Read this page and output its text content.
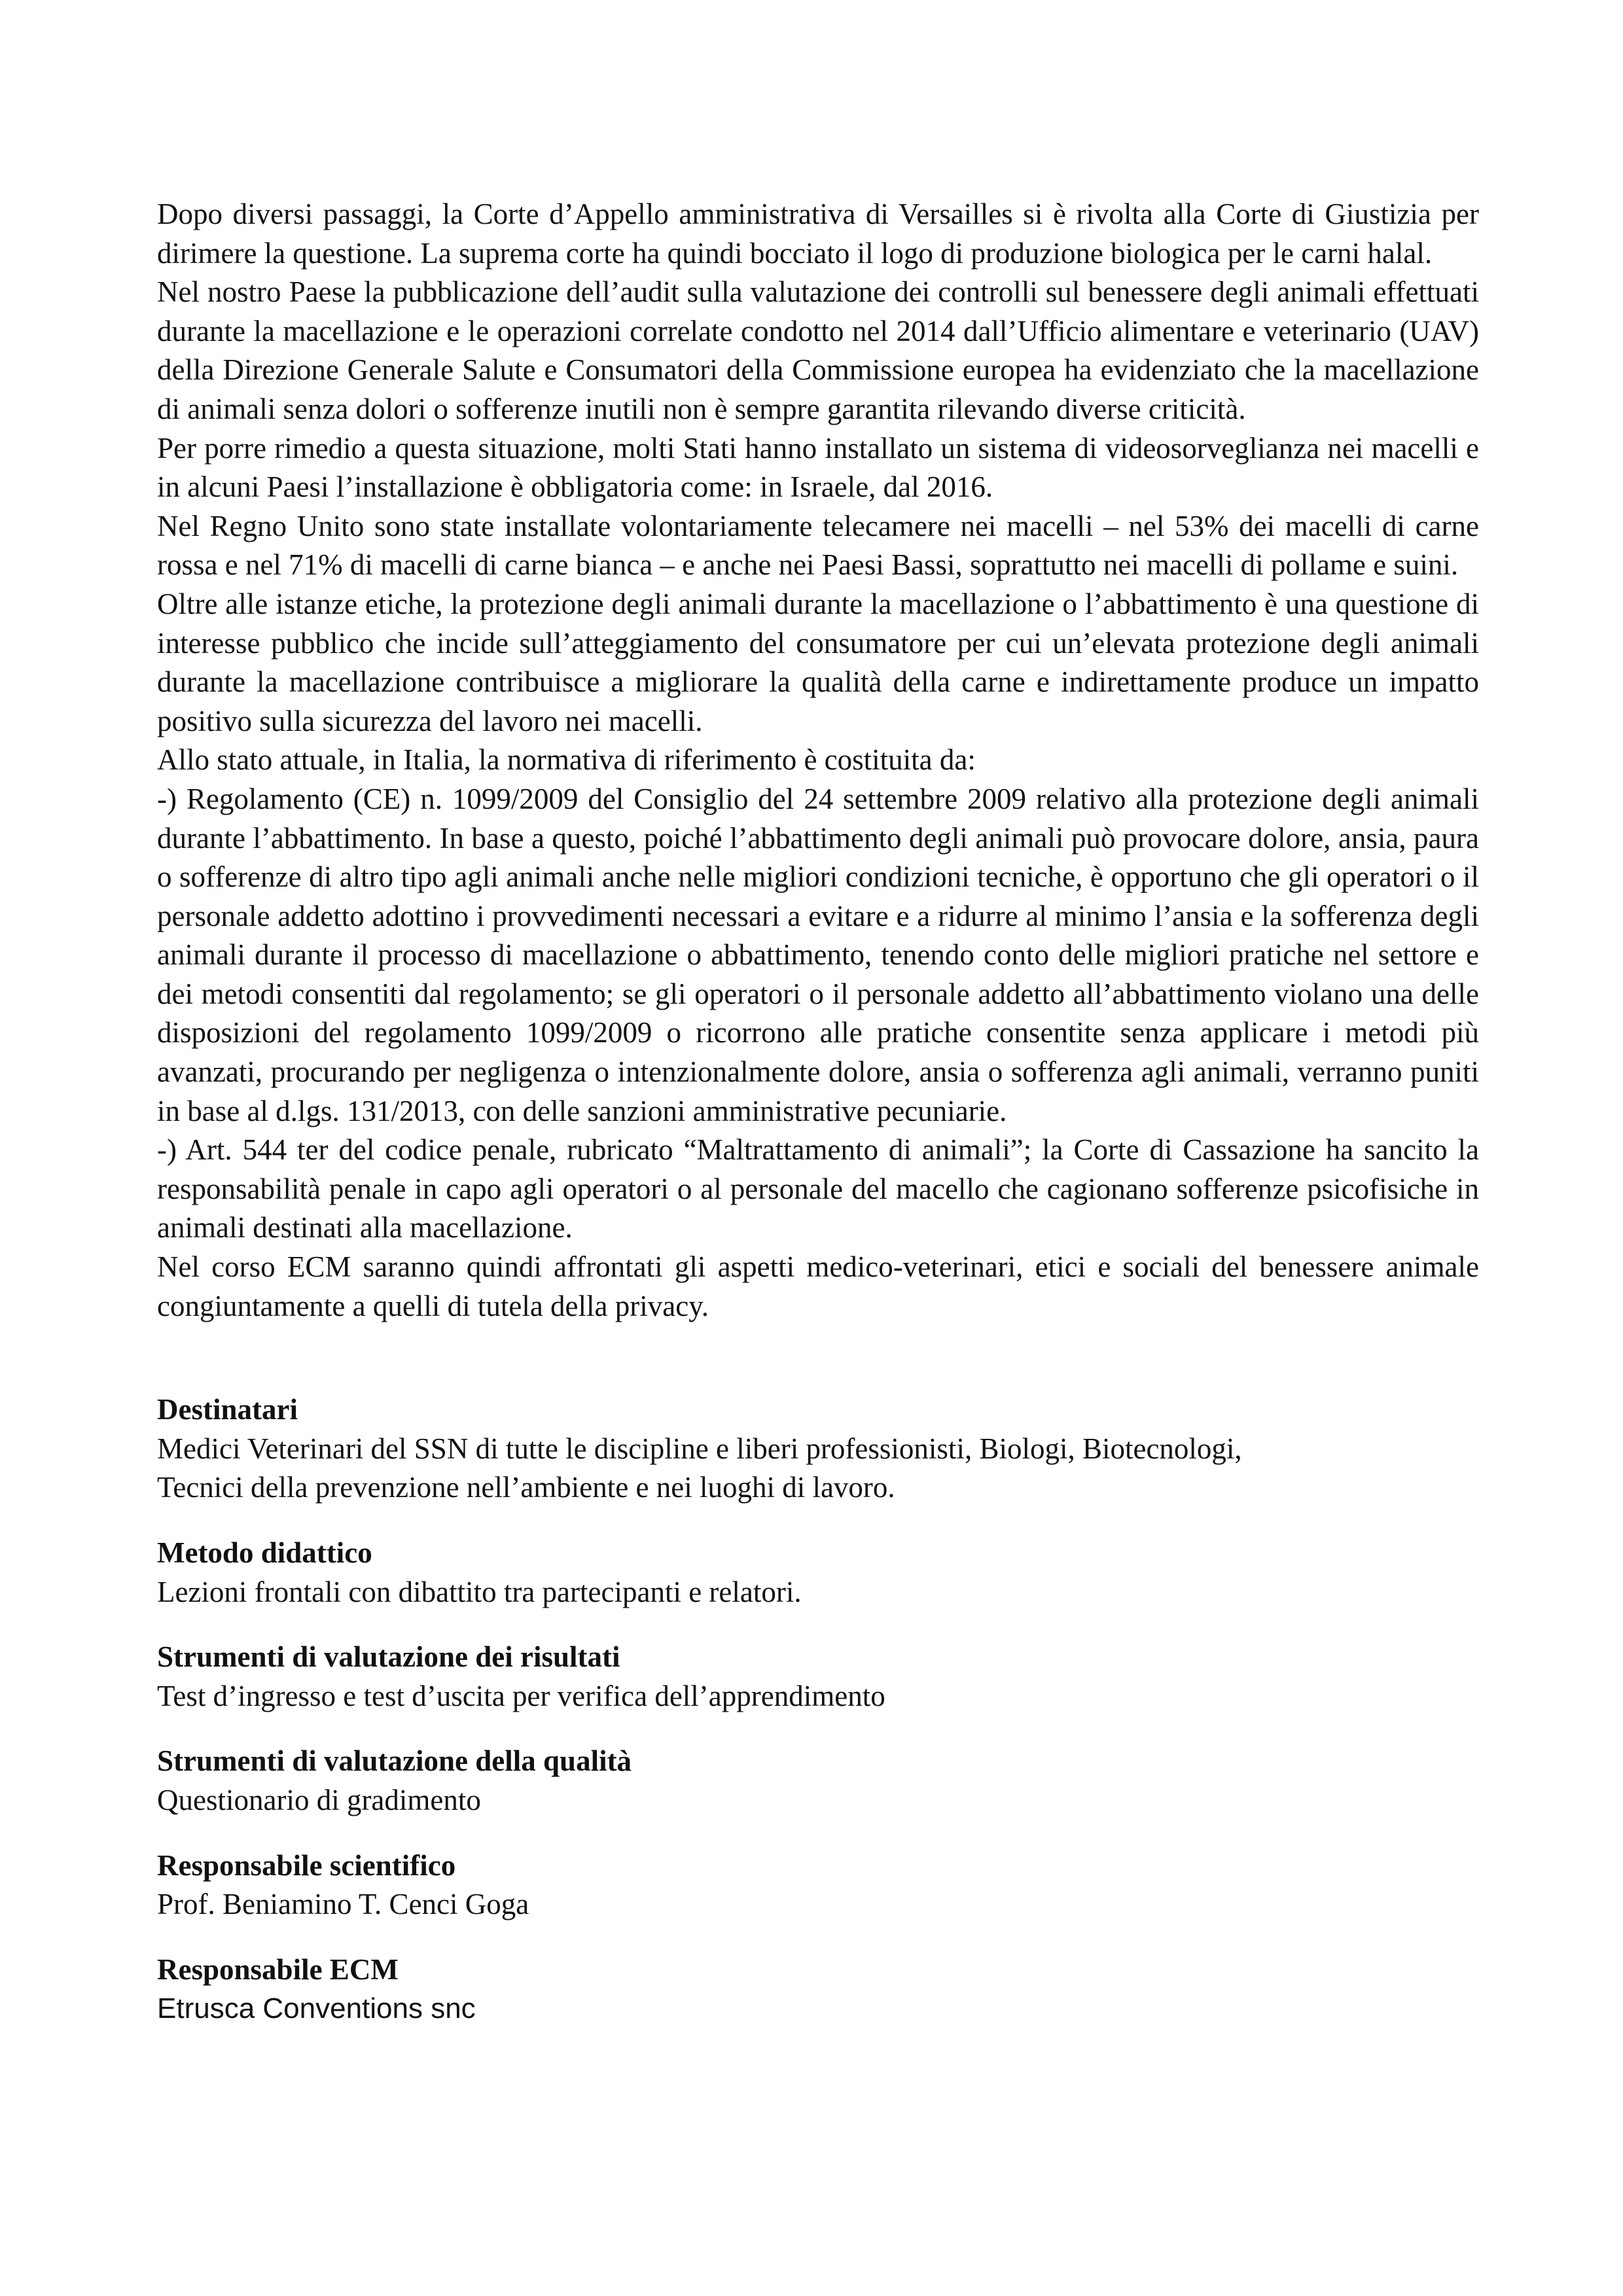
Dopo diversi passaggi, la Corte d’Appello amministrativa di Versailles si è rivolta alla Corte di Giustizia per dirimere la questione. La suprema corte ha quindi bocciato il logo di produzione biologica per le carni halal.

Nel nostro Paese la pubblicazione dell’audit sulla valutazione dei controlli sul benessere degli animali effettuati durante la macellazione e le operazioni correlate condotto nel 2014 dall’Ufficio alimentare e veterinario (UAV) della Direzione Generale Salute e Consumatori della Commissione europea ha evidenziato che la macellazione di animali senza dolori o sofferenze inutili non è sempre garantita rilevando diverse criticità.

Per porre rimedio a questa situazione, molti Stati hanno installato un sistema di videosorveglianza nei macelli e in alcuni Paesi l’installazione è obbligatoria come: in Israele, dal 2016.

Nel Regno Unito sono state installate volontariamente telecamere nei macelli – nel 53% dei macelli di carne rossa e nel 71% di macelli di carne bianca – e anche nei Paesi Bassi, soprattutto nei macelli di pollame e suini.

Oltre alle istanze etiche, la protezione degli animali durante la macellazione o l’abbattimento è una questione di interesse pubblico che incide sull’atteggiamento del consumatore per cui un’elevata protezione degli animali durante la macellazione contribuisce a migliorare la qualità della carne e indirettamente produce un impatto positivo sulla sicurezza del lavoro nei macelli.

Allo stato attuale, in Italia, la normativa di riferimento è costituita da:

-) Regolamento (CE) n. 1099/2009 del Consiglio del 24 settembre 2009 relativo alla protezione degli animali durante l’abbattimento. In base a questo, poiché l’abbattimento degli animali può provocare dolore, ansia, paura o sofferenze di altro tipo agli animali anche nelle migliori condizioni tecniche, è opportuno che gli operatori o il personale addetto adottino i provvedimenti necessari a evitare e a ridurre al minimo l’ansia e la sofferenza degli animali durante il processo di macellazione o abbattimento, tenendo conto delle migliori pratiche nel settore e dei metodi consentiti dal regolamento; se gli operatori o il personale addetto all’abbattimento violano una delle disposizioni del regolamento 1099/2009 o ricorrono alle pratiche consentite senza applicare i metodi più avanzati, procurando per negligenza o intenzionalmente dolore, ansia o sofferenza agli animali, verranno puniti in base al d.lgs. 131/2013, con delle sanzioni amministrative pecuniarie.

-) Art. 544 ter del codice penale, rubricato “Maltrattamento di animali”; la Corte di Cassazione ha sancito la responsabilità penale in capo agli operatori o al personale del macello che cagionano sofferenze psicofisiche in animali destinati alla macellazione.

Nel corso ECM saranno quindi affrontati gli aspetti medico-veterinari, etici e sociali del benessere animale congiuntamente a quelli di tutela della privacy.

Destinatari

Medici Veterinari del SSN di tutte le discipline e liberi professionisti, Biologi, Biotecnologi,

Tecnici della prevenzione nell’ambiente e nei luoghi di lavoro.

Metodo didattico

Lezioni frontali con dibattito tra partecipanti e relatori.

Strumenti di valutazione dei risultati

Test d’ingresso e test d’uscita per verifica dell’apprendimento

Strumenti di valutazione della qualità

Questionario di gradimento

Responsabile scientifico

Prof. Beniamino T. Cenci Goga

Responsabile ECM

Etrusca Conventions snc
